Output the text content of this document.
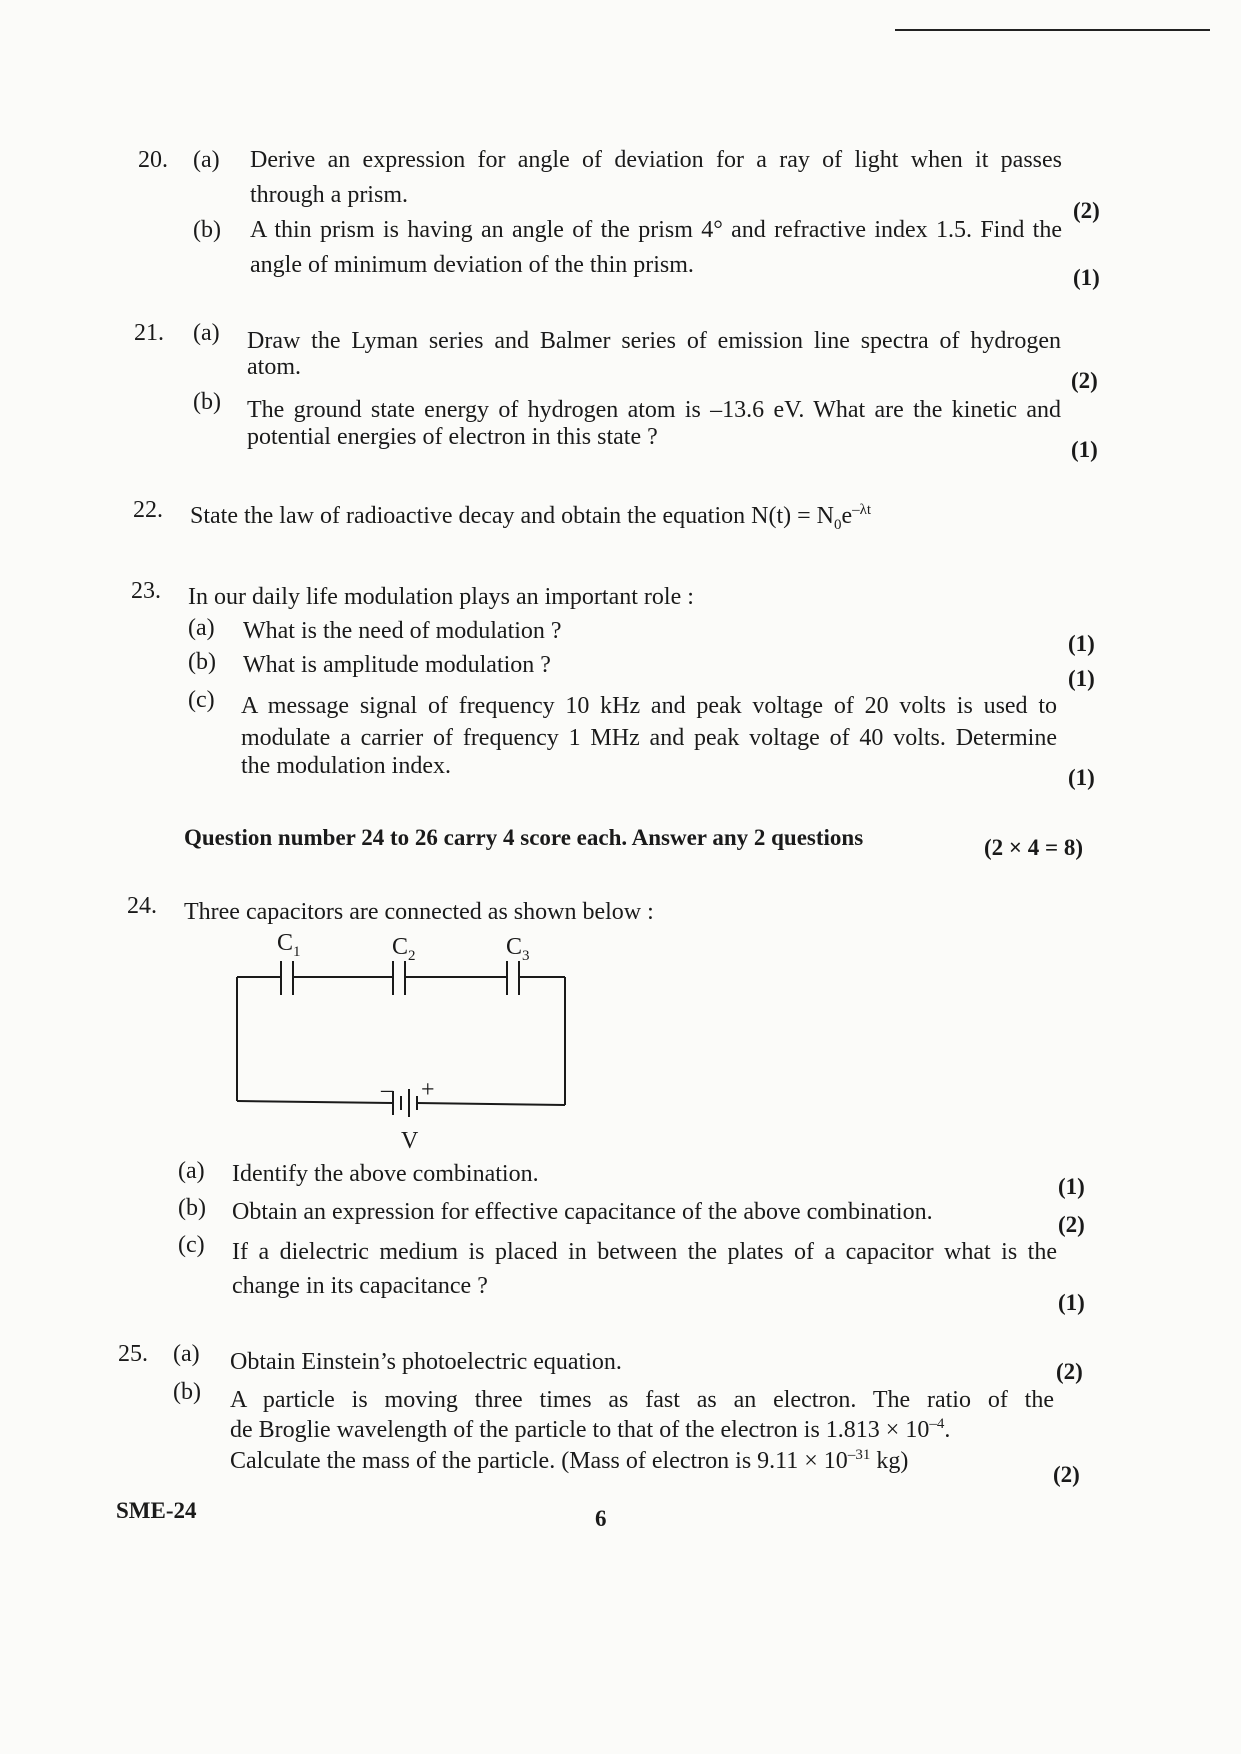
20. (a) Derive an expression for angle of deviation for a ray of light when it passes
through a prism.
(2)
(b) A thin prism is having an angle of the prism 4° and refractive index 1.5. Find the
angle of minimum deviation of the thin prism.	(1)
21. (a) Draw the Lyman series and Balmer series of emission line spectra of hydrogen
atom.
(2)
(b) The ground state energy of hydrogen atom is –13.6 eV. What are the kinetic and
potential energies of electron in this state ?	(1)
22. State the law of radioactive decay and obtain the equation $N(t) = N_0e^{-\lambda t}$
23. In our daily life modulation plays an important role :
(a) What is the need of modulation ?	(1)
(b) What is amplitude modulation ?
(1)
(c) A message signal of frequency 10 kHz and peak voltage of 20 volts is used to
modulate a carrier of frequency 1 MHz and peak voltage of 40 volts. Determine
the modulation index.	(1)
Question number 24 to 26 carry 4 score each. Answer any 2 questions	(2 × 4 = 8)
24. Three capacitors are connected as shown below :
$C_1$	$C_2$	$C_3$
– +
V
(a) Identify the above combination.	(1)
(b) Obtain an expression for effective capacitance of the above combination.	(2)
(c) If a dielectric medium is placed in between the plates of a capacitor what is the
change in its capacitance ?
(1)
25. (a) Obtain Einstein’s photoelectric equation.	(2)
(b) A particle is moving three times as fast as an electron. The ratio of the
de Broglie wavelength of the particle to that of the electron is $1.813 \times 10^{-4}$.
Calculate the mass of the particle. (Mass of electron is $9.11 \times 10^{-31}$ kg)
(2)
SME-24	6
